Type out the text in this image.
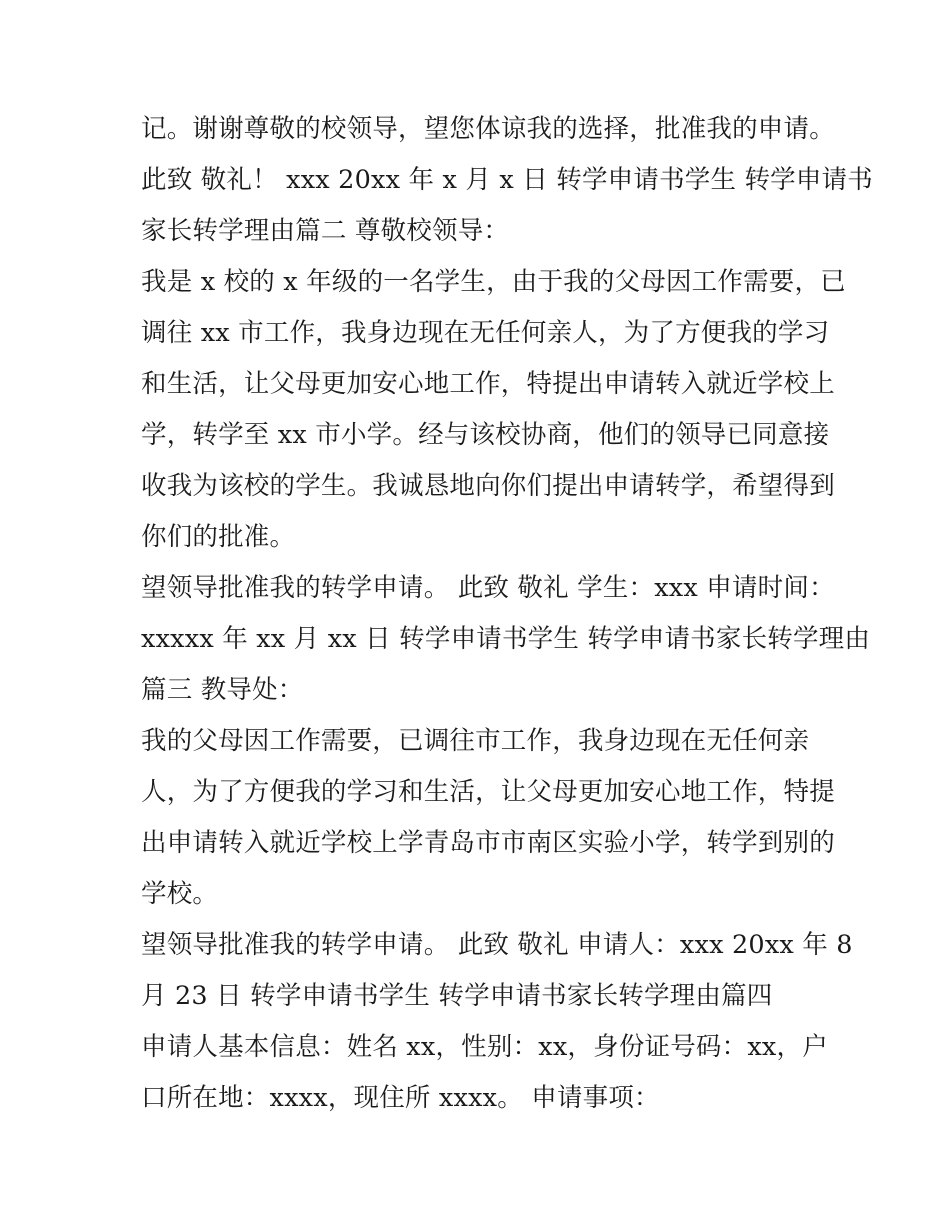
记。谢谢尊敬的校领导，望您体谅我的选择，批准我的申请。
此致 敬礼！ xxx 20xx 年 x 月 x 日 转学申请书学生 转学申请书
家长转学理由篇二 尊敬校领导：
我是 x 校的 x 年级的一名学生，由于我的父母因工作需要，已
调往 xx 市工作，我身边现在无任何亲人，为了方便我的学习
和生活，让父母更加安心地工作，特提出申请转入就近学校上
学，转学至 xx 市小学。经与该校协商，他们的领导已同意接
收我为该校的学生。我诚恳地向你们提出申请转学，希望得到
你们的批准。
望领导批准我的转学申请。 此致 敬礼 学生：xxx 申请时间：
xxxxx 年 xx 月 xx 日 转学申请书学生 转学申请书家长转学理由
篇三 教导处：
我的父母因工作需要，已调往市工作，我身边现在无任何亲
人，为了方便我的学习和生活，让父母更加安心地工作，特提
出申请转入就近学校上学青岛市市南区实验小学，转学到别的
学校。
望领导批准我的转学申请。 此致 敬礼 申请人：xxx 20xx 年 8
月 23 日 转学申请书学生 转学申请书家长转学理由篇四
申请人基本信息：姓名 xx，性别：xx，身份证号码：xx，户
口所在地：xxxx，现住所 xxxx。 申请事项：
